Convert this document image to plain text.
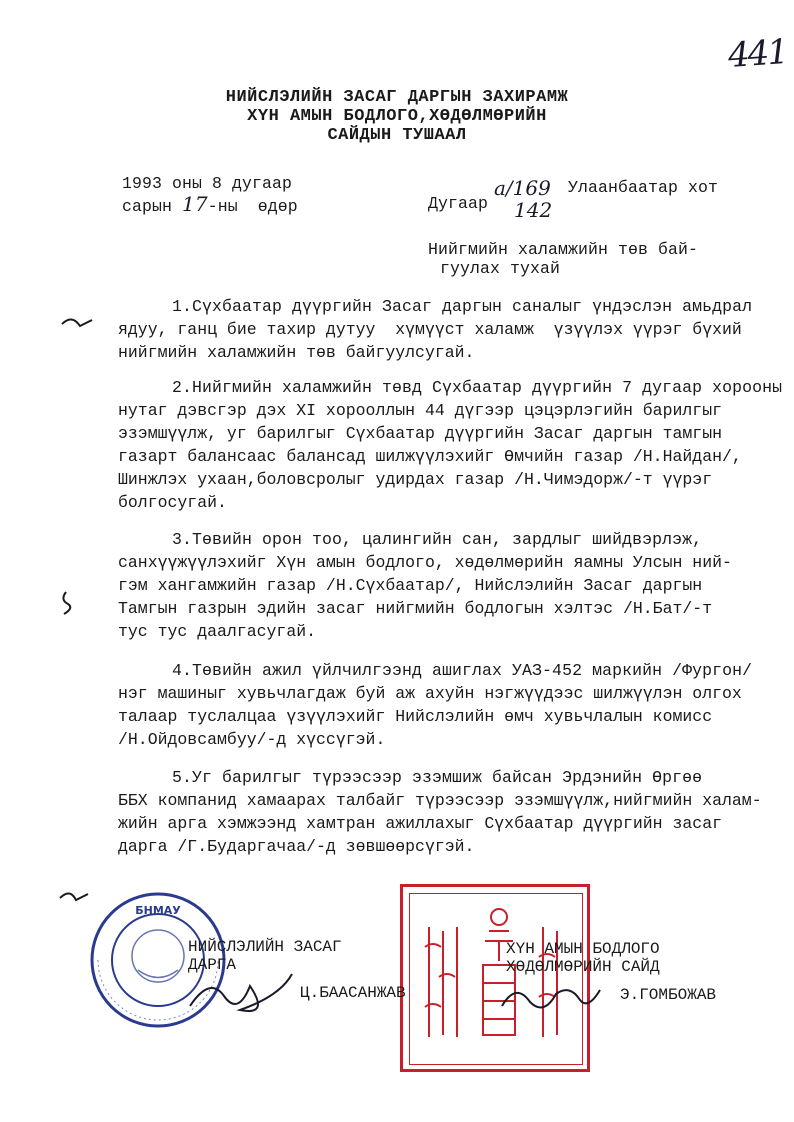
441
НИЙСЛЭЛИЙН ЗАСАГ ДАРГЫН ЗАХИРАМЖ
ХҮН АМЫН БОДЛОГО,ХӨДӨЛМӨРИЙН
САЙДЫН ТУШААЛ
1993 оны 8 дугаар
сарын 17-ны  өдөр	Дугаар
а/169
142
Улаанбаатар хот
Нийгмийн халамжийн төв бай-
гуулах тухай
1.Сүхбаатар дүүргийн Засаг даргын саналыг үндэслэн амьдрал
ядуу, ганц бие тахир дутуу  хүмүүст халамж  үзүүлэх үүрэг бүхий
нийгмийн халамжийн төв байгуулсугай.
2.Нийгмийн халамжийн төвд Сүхбаатар дүүргийн 7 дугаар хорооны
нутаг дэвсгэр дэх XI хорооллын 44 дүгээр цэцэрлэгийн барилгыг
эзэмшүүлж, уг барилгыг Сүхбаатар дүүргийн Засаг даргын тамгын
газарт балансаас балансад шилжүүлэхийг Өмчийн газар /Н.Найдан/,
Шинжлэх ухаан,боловсролыг удирдах газар /Н.Чимэдорж/-т үүрэг
болгосугай.
3.Төвийн орон тоо, цалингийн сан, зардлыг шийдвэрлэж,
санхүүжүүлэхийг Хүн амын бодлого, хөдөлмөрийн яамны Улсын ний-
гэм хангамжийн газар /Н.Сүхбаатар/, Нийслэлийн Засаг даргын
Тамгын газрын эдийн засаг нийгмийн бодлогын хэлтэс /Н.Бат/-т
тус тус даалгасугай.
4.Төвийн ажил үйлчилгээнд ашиглах УАЗ-452 маркийн /Фургон/
нэг машиныг хувьчлагдаж буй аж ахуйн нэгжүүдээс шилжүүлэн олгох
талаар туслалцаа үзүүлэхийг Нийслэлийн өмч хувьчлалын комисс
/Н.Ойдовсамбуу/-д хүссүгэй.
5.Уг барилгыг түрээсээр эзэмшиж байсан Эрдэнийн Өргөө
ББХ компанид хамаарах талбайг түрээсээр эзэмшүүлж,нийгмийн халам-
жийн арга хэмжээнд хамтран ажиллахыг Сүхбаатар дүүргийн засаг
дарга /Г.Бударгачаа/-д зөвшөөрсүгэй.
БНМАУ
НИЙСЛЭЛИЙН ЗАСАГ
ДАРГА
Ц.БААСАНЖАВ
ХҮН АМЫН БОДЛОГО
ХӨДӨЛМӨРИЙН САЙД
Э.ГОМБОЖАВ
